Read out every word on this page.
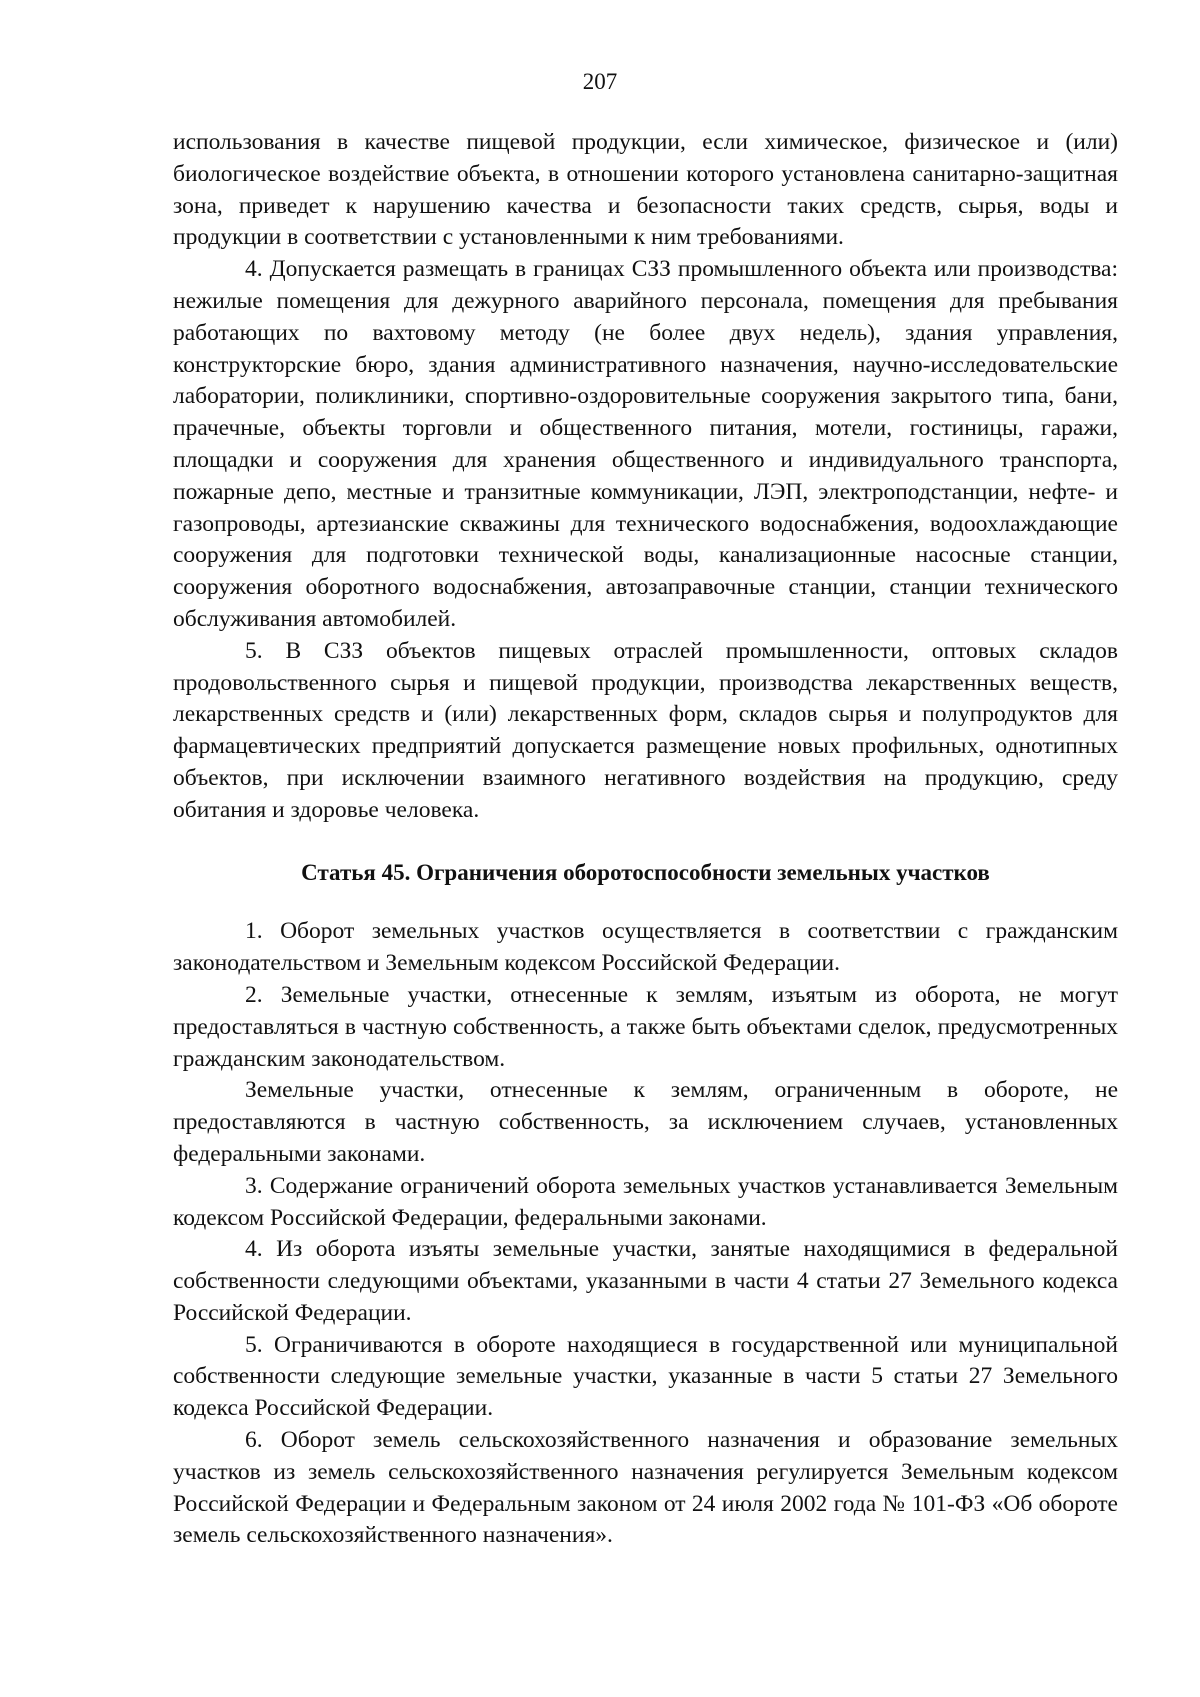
207

использования в качестве пищевой продукции, если химическое, физическое и (или) биологическое воздействие объекта, в отношении которого установлена санитарно-защитная зона, приведет к нарушению качества и безопасности таких средств, сырья, воды и продукции в соответствии с установленными к ним требованиями.

4. Допускается размещать в границах СЗЗ промышленного объекта или производства: нежилые помещения для дежурного аварийного персонала, помещения для пребывания работающих по вахтовому методу (не более двух недель), здания управления, конструкторские бюро, здания административного назначения, научно-исследовательские лаборатории, поликлиники, спортивно-оздоровительные сооружения закрытого типа, бани, прачечные, объекты торговли и общественного питания, мотели, гостиницы, гаражи, площадки и сооружения для хранения общественного и индивидуального транспорта, пожарные депо, местные и транзитные коммуникации, ЛЭП, электроподстанции, нефте- и газопроводы, артезианские скважины для технического водоснабжения, водоохлаждающие сооружения для подготовки технической воды, канализационные насосные станции, сооружения оборотного водоснабжения, автозаправочные станции, станции технического обслуживания автомобилей.

5. В СЗЗ объектов пищевых отраслей промышленности, оптовых складов продовольственного сырья и пищевой продукции, производства лекарственных веществ, лекарственных средств и (или) лекарственных форм, складов сырья и полупродуктов для фармацевтических предприятий допускается размещение новых профильных, однотипных объектов, при исключении взаимного негативного воздействия на продукцию, среду обитания и здоровье человека.

Статья 45. Ограничения оборотоспособности земельных участков

1. Оборот земельных участков осуществляется в соответствии с гражданским законодательством и Земельным кодексом Российской Федерации.

2. Земельные участки, отнесенные к землям, изъятым из оборота, не могут предоставляться в частную собственность, а также быть объектами сделок, предусмотренных гражданским законодательством.

Земельные участки, отнесенные к землям, ограниченным в обороте, не предоставляются в частную собственность, за исключением случаев, установленных федеральными законами.

3. Содержание ограничений оборота земельных участков устанавливается Земельным кодексом Российской Федерации, федеральными законами.

4. Из оборота изъяты земельные участки, занятые находящимися в федеральной собственности следующими объектами, указанными в части 4 статьи 27 Земельного кодекса Российской Федерации.

5. Ограничиваются в обороте находящиеся в государственной или муниципальной собственности следующие земельные участки, указанные в части 5 статьи 27 Земельного кодекса Российской Федерации.

6. Оборот земель сельскохозяйственного назначения и образование земельных участков из земель сельскохозяйственного назначения регулируется Земельным кодексом Российской Федерации и Федеральным законом от 24 июля 2002 года № 101-ФЗ «Об обороте земель сельскохозяйственного назначения».
